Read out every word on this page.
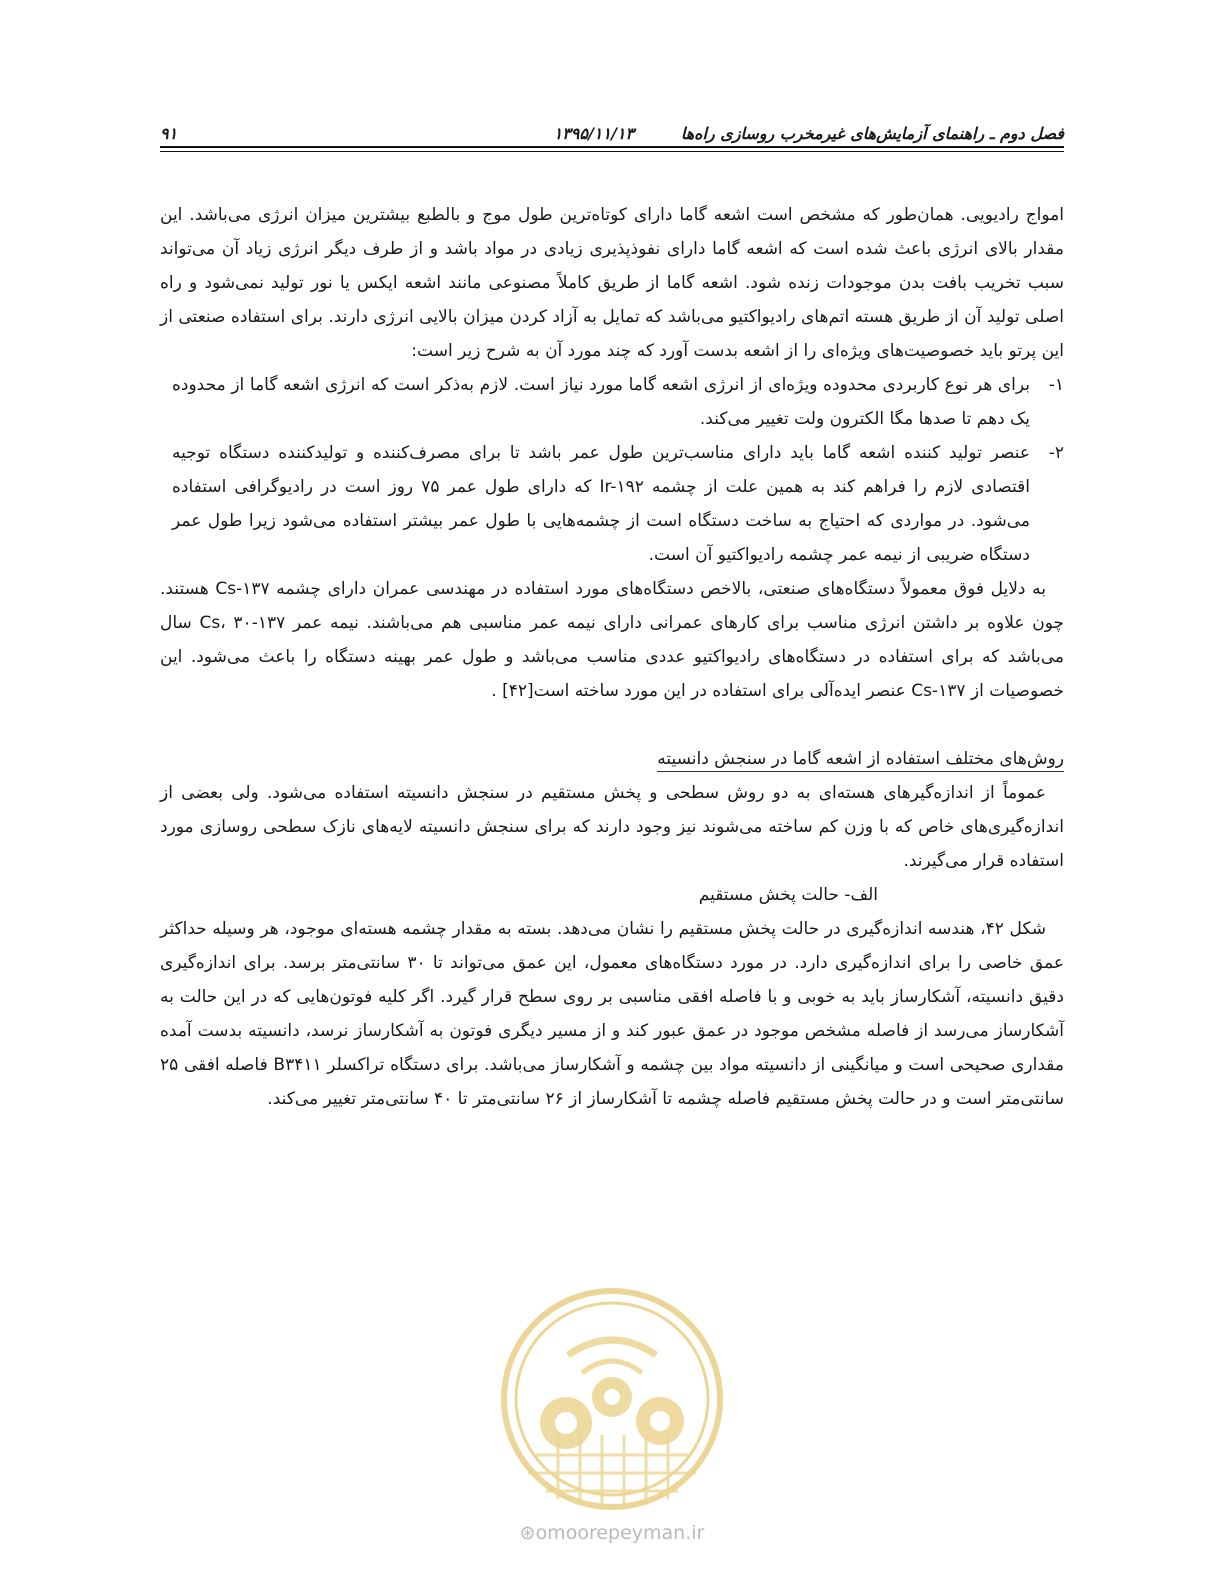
فصل دوم ـ راهنمای آزمایش‌های غیرمخرب روسازی راه‌ها
۱۳۹۵/۱۱/۱۳
۹۱

امواج رادیویی. همان‌طور که مشخص است اشعه گاما دارای کوتاه‌ترین طول موج و بالطبع بیشترین میزان انرژی می‌باشد. این مقدار بالای انرژی باعث شده است که اشعه گاما دارای نفوذپذیری زیادی در مواد باشد و از طرف دیگر انرژی زیاد آن می‌تواند سبب تخریب بافت بدن موجودات زنده شود. اشعه گاما از طریق کاملاً مصنوعی مانند اشعه ایکس یا نور تولید نمی‌شود و راه اصلی تولید آن از طریق هسته اتم‌های رادیواکتیو می‌باشد که تمایل به آزاد کردن میزان بالایی انرژی دارند. برای استفاده صنعتی از این پرتو باید خصوصیت‌های ویژه‌ای را از اشعه بدست آورد که چند مورد آن به شرح زیر است:

۱-
برای هر نوع کاربردی محدوده ویژه‌ای از انرژی اشعه گاما مورد نیاز است. لازم به‌ذکر است که انرژی اشعه گاما از محدوده یک دهم تا صدها مگا الکترون ولت تغییر می‌کند.
۲-
عنصر تولید کننده اشعه گاما باید دارای مناسب‌ترین طول عمر باشد تا برای مصرف‌کننده و تولیدکننده دستگاه توجیه اقتصادی لازم را فراهم کند به همین علت از چشمه Ir-۱۹۲ که دارای طول عمر ۷۵ روز است در رادیوگرافی استفاده می‌شود. در مواردی که احتیاج به ساخت دستگاه است از چشمه‌هایی با طول عمر بیشتر استفاده می‌شود زیرا طول عمر دستگاه ضریبی از نیمه عمر چشمه رادیواکتیو آن است.

به دلایل فوق معمولاً دستگاه‌های صنعتی، بالاخص دستگاه‌های مورد استفاده در مهندسی عمران دارای چشمه ۱۳۷-Cs هستند. چون علاوه بر داشتن انرژی مناسب برای کارهای عمرانی دارای نیمه عمر مناسبی هم می‌باشند. نیمه عمر ۱۳۷-Cs، ۳۰ سال می‌باشد که برای استفاده در دستگاه‌های رادیواکتیو عددی مناسب می‌باشد و طول عمر بهینه دستگاه را باعث می‌شود. این خصوصیات از Cs-۱۳۷ عنصر ایده‌آلی برای استفاده در این مورد ساخته است[۴۲] .

روش‌های مختلف استفاده از اشعه گاما در سنجش دانسیته

عموماً از اندازه‌گیرهای هسته‌ای به دو روش سطحی و پخش مستقیم در سنجش دانسیته استفاده می‌شود. ولی بعضی از اندازه‌گیری‌های خاص که با وزن کم ساخته می‌شوند نیز وجود دارند که برای سنجش دانسیته لایه‌های نازک سطحی روسازی مورد استفاده قرار می‌گیرند.

الف- حالت پخش مستقیم

شکل ۴۲، هندسه اندازه‌گیری در حالت پخش مستقیم را نشان می‌دهد. بسته به مقدار چشمه هسته‌ای موجود، هر وسیله حداکثر عمق خاصی را برای اندازه‌گیری دارد. در مورد دستگاه‌های معمول، این عمق می‌تواند تا ۳۰ سانتی‌متر برسد. برای اندازه‌گیری دقیق دانسیته، آشکارساز باید به خوبی و با فاصله افقی مناسبی بر روی سطح قرار گیرد. اگر کلیه فوتون‌هایی که در این حالت به آشکارساز می‌رسد از فاصله مشخص موجود در عمق عبور کند و از مسیر دیگری فوتون به آشکارساز نرسد، دانسیته بدست آمده مقداری صحیحی است و میانگینی از دانسیته مواد بین چشمه و آشکارساز می‌باشد. برای دستگاه تراکسلر B۳۴۱۱ فاصله افقی ۲۵ سانتی‌متر است و در حالت پخش مستقیم فاصله چشمه تا آشکارساز از ۲۶ سانتی‌متر تا ۴۰ سانتی‌متر تغییر می‌کند.

⊛omoorepeyman.ir
